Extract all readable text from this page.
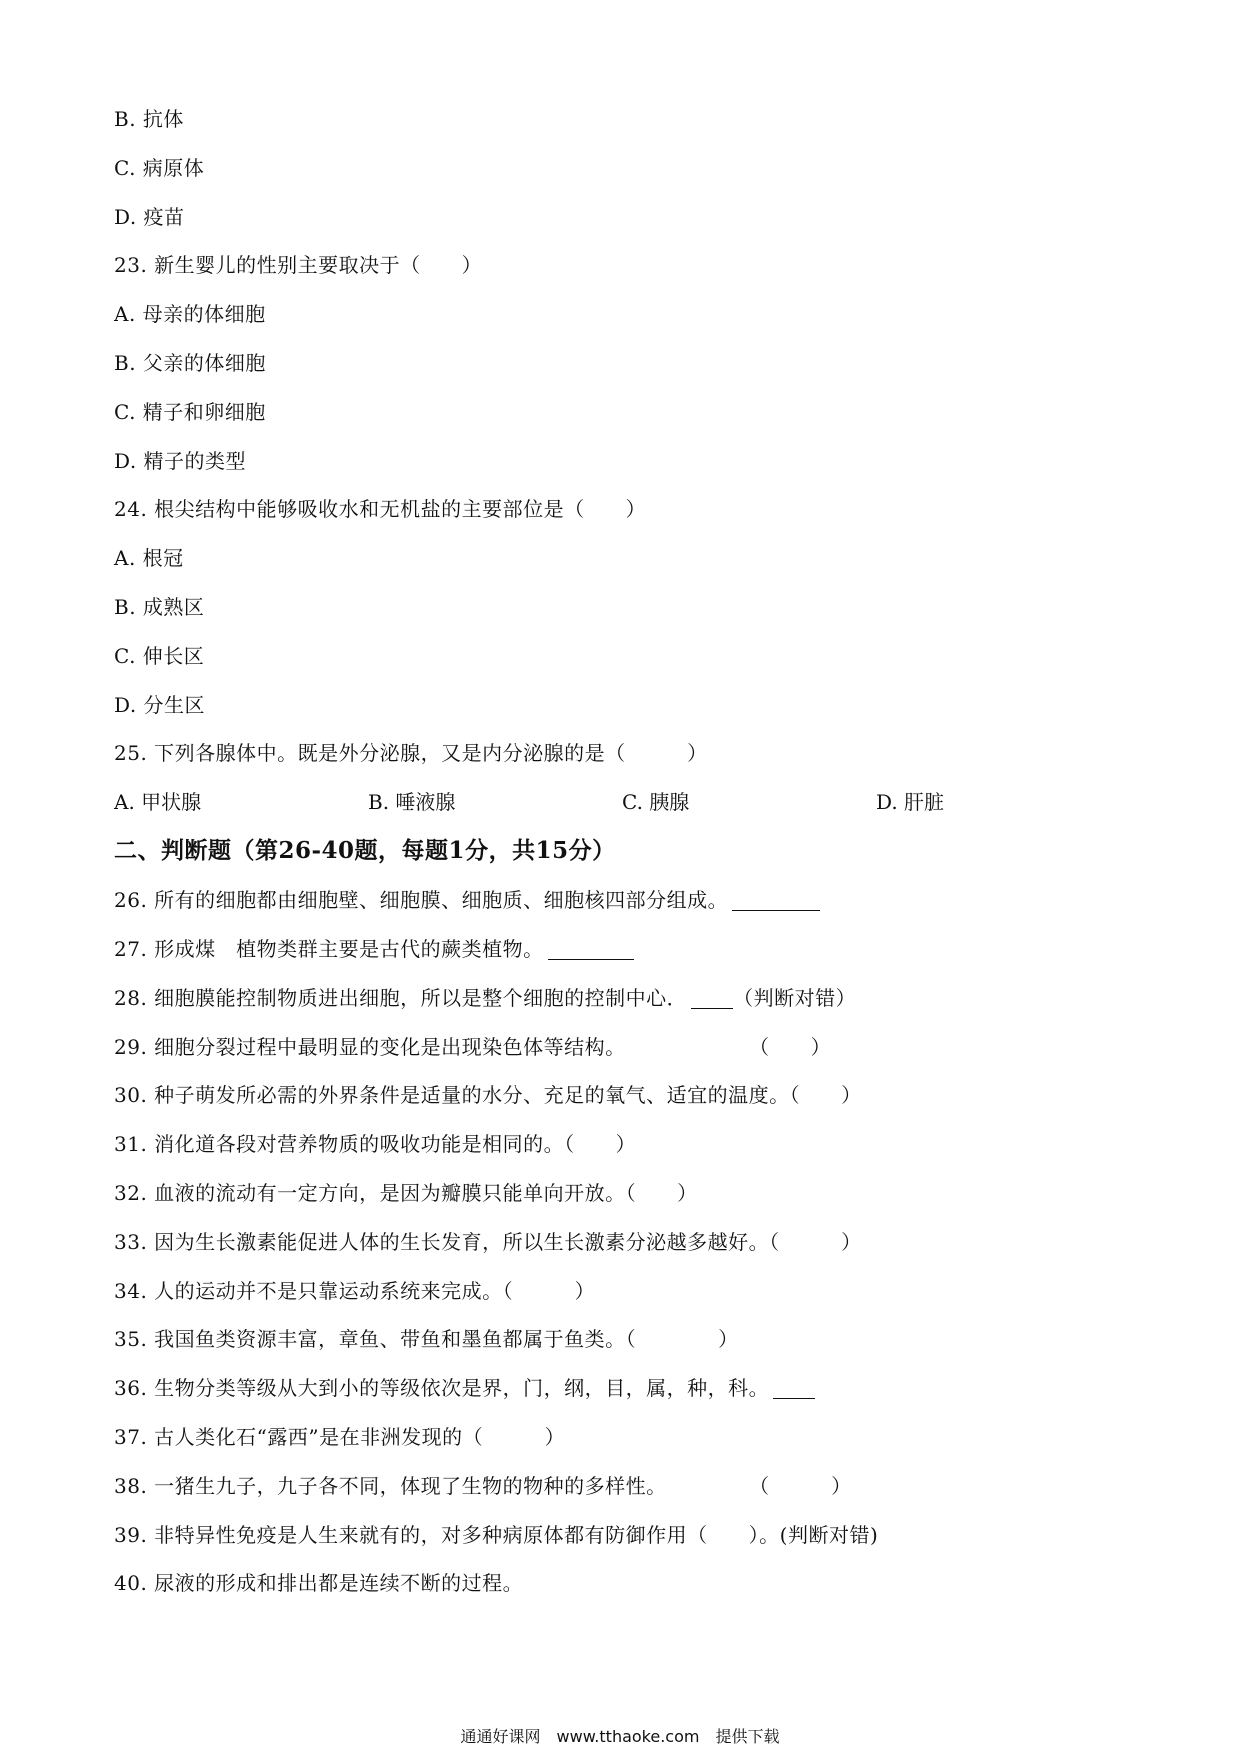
B. 抗体
C. 病原体
D. 疫苗
23. 新生婴儿的性别主要取决于（　　）
A. 母亲的体细胞
B. 父亲的体细胞
C. 精子和卵细胞
D. 精子的类型
24. 根尖结构中能够吸收水和无机盐的主要部位是（　　）
A. 根冠
B. 成熟区
C. 伸长区
D. 分生区
25. 下列各腺体中。既是外分泌腺，又是内分泌腺的是（　　　）
A. 甲状腺	B. 唾液腺	C. 胰腺	D. 肝脏
二、判断题（第26-40题，每题1分，共15分）
26. 所有的细胞都由细胞壁、细胞膜、细胞质、细胞核四部分组成。
27. 形成煤　植物类群主要是古代的蕨类植物。
28. 细胞膜能控制物质进出细胞，所以是整个细胞的控制中心． （判断对错）
29. 细胞分裂过程中最明显的变化是出现染色体等结构。　　　　　　　（　　）
30. 种子萌发所必需的外界条件是适量的水分、充足的氧气、适宜的温度。（　　）
31. 消化道各段对营养物质的吸收功能是相同的。（　　）
32. 血液的流动有一定方向，是因为瓣膜只能单向开放。（　　）
33. 因为生长激素能促进人体的生长发育，所以生长激素分泌越多越好。（　　　）
34. 人的运动并不是只靠运动系统来完成。（　　　）
35. 我国鱼类资源丰富，章鱼、带鱼和墨鱼都属于鱼类。（　　　　）
36. 生物分类等级从大到小的等级依次是界，门，纲，目，属，种，科。
37. 古人类化石“露西”是在非洲发现的（　　　）
38. 一猪生九子，九子各不同，体现了生物的物种的多样性。　　　　　（　　　）
39. 非特异性免疫是人生来就有的，对多种病原体都有防御作用（　　）。(判断对错)
40. 尿液的形成和排出都是连续不断的过程。
通通好课网　www.tthaoke.com　提供下载
